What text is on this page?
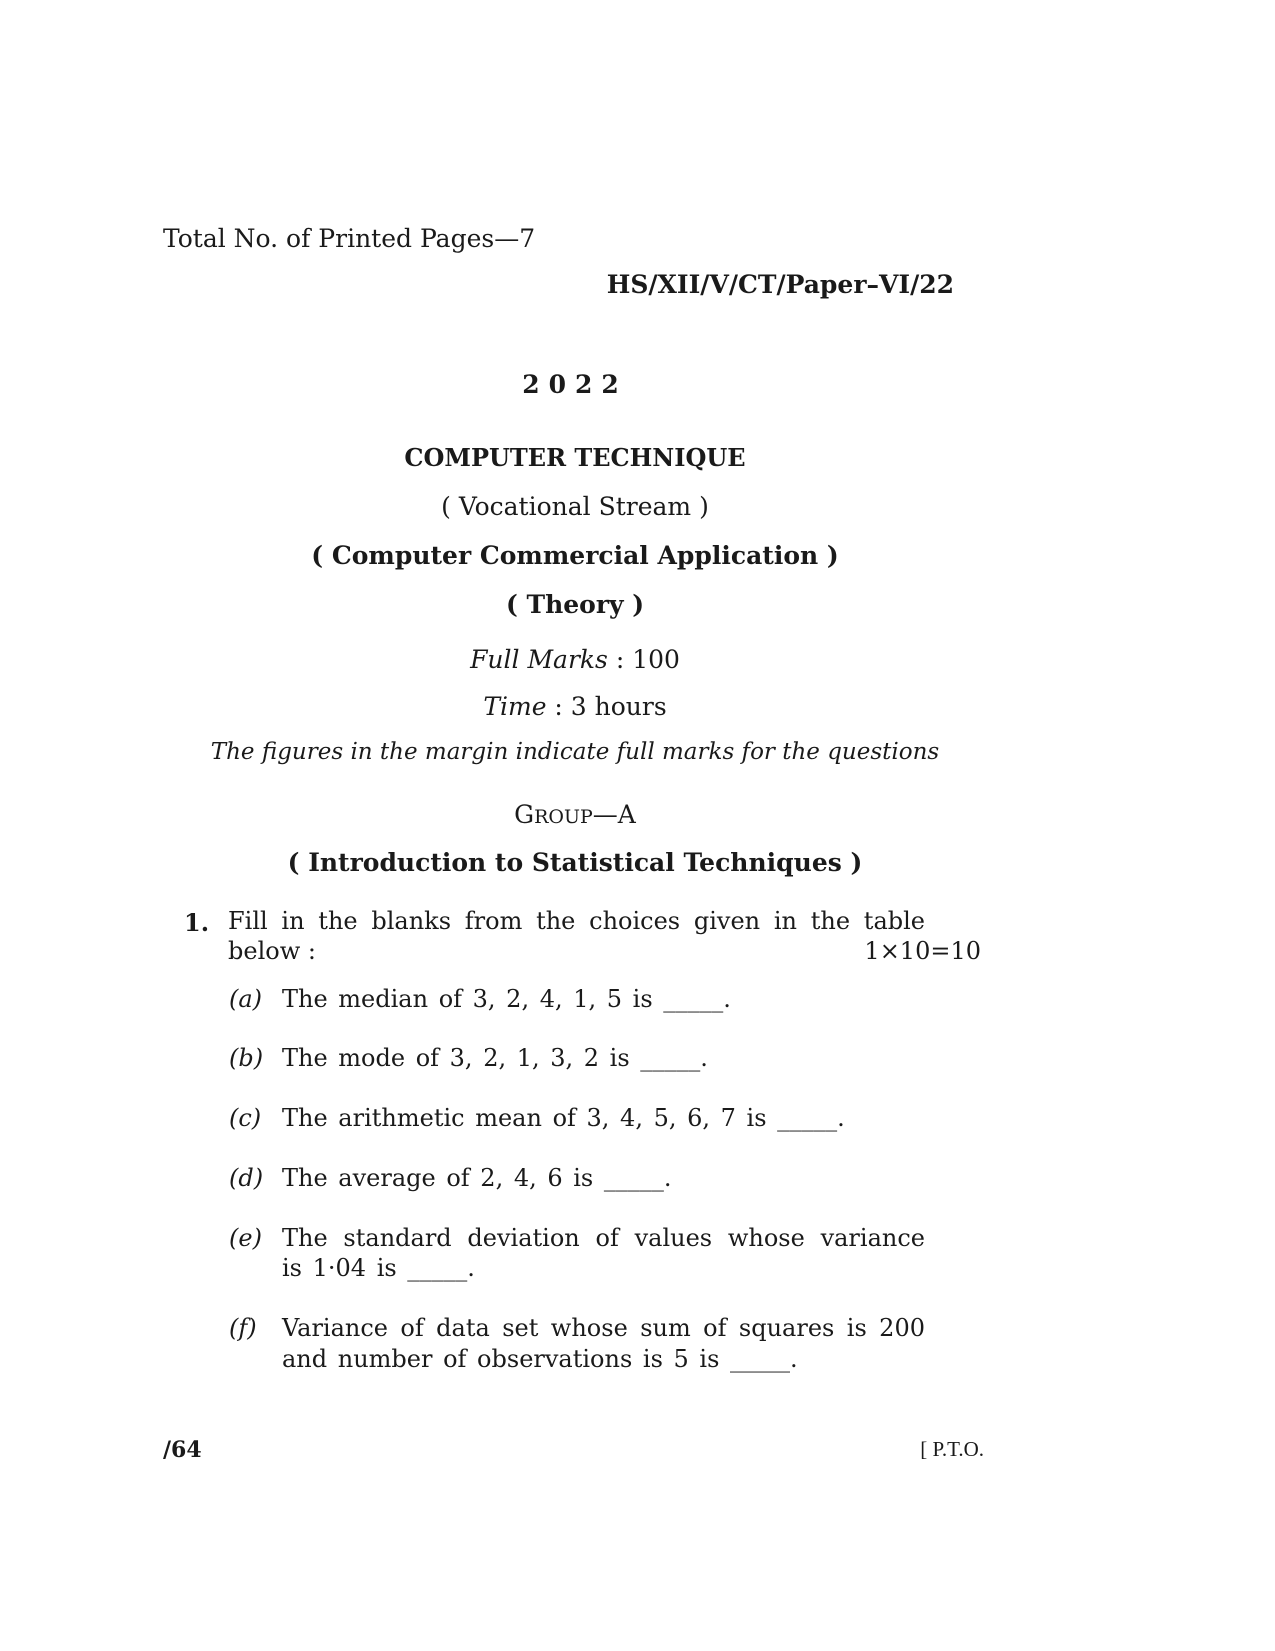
Total No. of Printed Pages—7
HS/XII/V/CT/Paper–VI/22
2022
COMPUTER TECHNIQUE
( Vocational Stream )
( Computer Commercial Application )
( Theory )
Full Marks : 100
Time : 3 hours
The figures in the margin indicate full marks for the questions
GROUP—A
( Introduction to Statistical Techniques )
1. Fill in the blanks from the choices given in the table
below :	1×10=10
(a) The median of 3, 2, 4, 1, 5 is _____.
(b) The mode of 3, 2, 1, 3, 2 is _____.
(c) The arithmetic mean of 3, 4, 5, 6, 7 is _____.
(d) The average of 2, 4, 6 is _____.
(e) The standard deviation of values whose variance
is 1·04 is _____.
(f) Variance of data set whose sum of squares is 200
and number of observations is 5 is _____.
/64	[ P.T.O.
